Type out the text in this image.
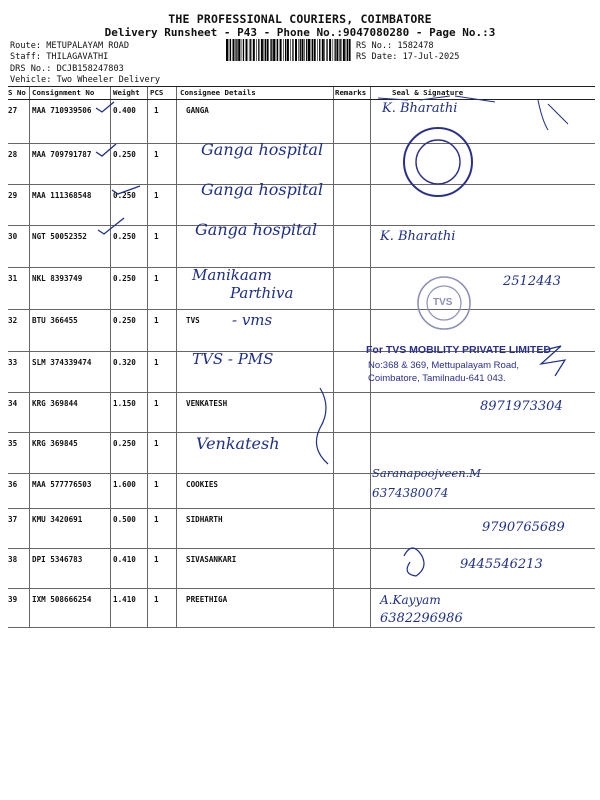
THE PROFESSIONAL COURIERS, COIMBATORE
Delivery Runsheet - P43 - Phone No.:9047080280 - Page No.:3
Route: METUPALAYAM ROAD
Staff: THILAGAVATHI
DRS No.: DCJB158247803
Vehicle: Two Wheeler Delivery
RS No.: 1582478
RS Date: 17-Jul-2025
S No Consignment No	Weight PCS Consignee Details	Remarks	Seal & Signature
27 MAA 710939506	0.400 1	GANGA
28 MAA 709791787	0.250 1
29 MAA 111368548	0.250 1
30 NGT 50052352	0.250 1
31 NKL 8393749	0.250 1
32 BTU 366455	0.250 1	TVS
33 SLM 374339474	0.320 1
34 KRG 369844	1.150 1	VENKATESH
35 KRG 369845	0.250 1
36 MAA 577776503	1.600 1	COOKIES
37 KMU 3420691	0.500 1	SIDHARTH
38 DPI 5346783	0.410 1	SIVASANKARI
39 IXM 508666254	1.410 1	PREETHIGA
K. Bharathi
Ganga hospital
Ganga hospital
Ganga hospital	K. Bharathi
Manikaam
Parthiva
2512443
- vms
TVS - PMS
8971973304
Venkatesh
Saranapoojveen.M
6374380074
9790765689
9445546213
A.Kayyam
6382296986
For TVS MOBILITY PRIVATE LIMITED
No:368 & 369, Mettupalayam Road,
Coimbatore, Tamilnadu-641 043.
TVS
